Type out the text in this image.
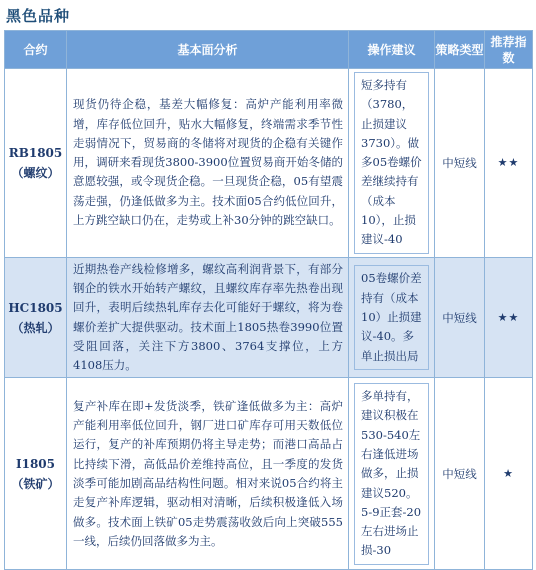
黑色品种
合约	基本面分析	操作建议	策略类型	推荐指数

RB1805
（螺纹）	现货仍待企稳，基差大幅修复：高炉产能利用率微增，库存低位回升，贴水大幅修复，终端需求季节性走弱情况下，贸易商的冬储将对现货的企稳有关键作用，调研来看现货3800-3900位置贸易商开始冬储的意愿较强，或令现货企稳。一旦现货企稳，05有望震荡走强，仍逢低做多为主。技术面05合约低位回升，上方跳空缺口仍在，走势或上补30分钟的跳空缺口。	短多持有（3780，止损建议3730）。做多05卷螺价差继续持有（成本10），止损建议-40	中短线	★★

HC1805
（热轧）	近期热卷产线检修增多，螺纹高利润背景下，有部分钢企的铁水开始转产螺纹，且螺纹库存率先热卷出现回升，表明后续热轧库存去化可能好于螺纹，将为卷螺价差扩大提供驱动。技术面上1805热卷3990位置受阻回落，关注下方3800、3764支撑位，上方4108压力。	05卷螺价差持有（成本10）止损建议-40。多单止损出局	中短线	★★

I1805
（铁矿）	复产补库在即+发货淡季，铁矿逢低做多为主：高炉产能利用率低位回升，钢厂进口矿库存可用天数低位运行，复产的补库预期仍将主导走势；而港口高品占比持续下滑，高低品价差维持高位，且一季度的发货淡季可能加剧高品结构性问题。相对来说05合约将主走复产补库逻辑，驱动相对清晰，后续积极逢低入场做多。技术面上铁矿05走势震荡收敛后向上突破555一线，后续仍回落做多为主。	多单持有，建议积极在530-540左右逢低进场做多，止损建议520。5-9正套-20左右进场止损-30	中短线	★
